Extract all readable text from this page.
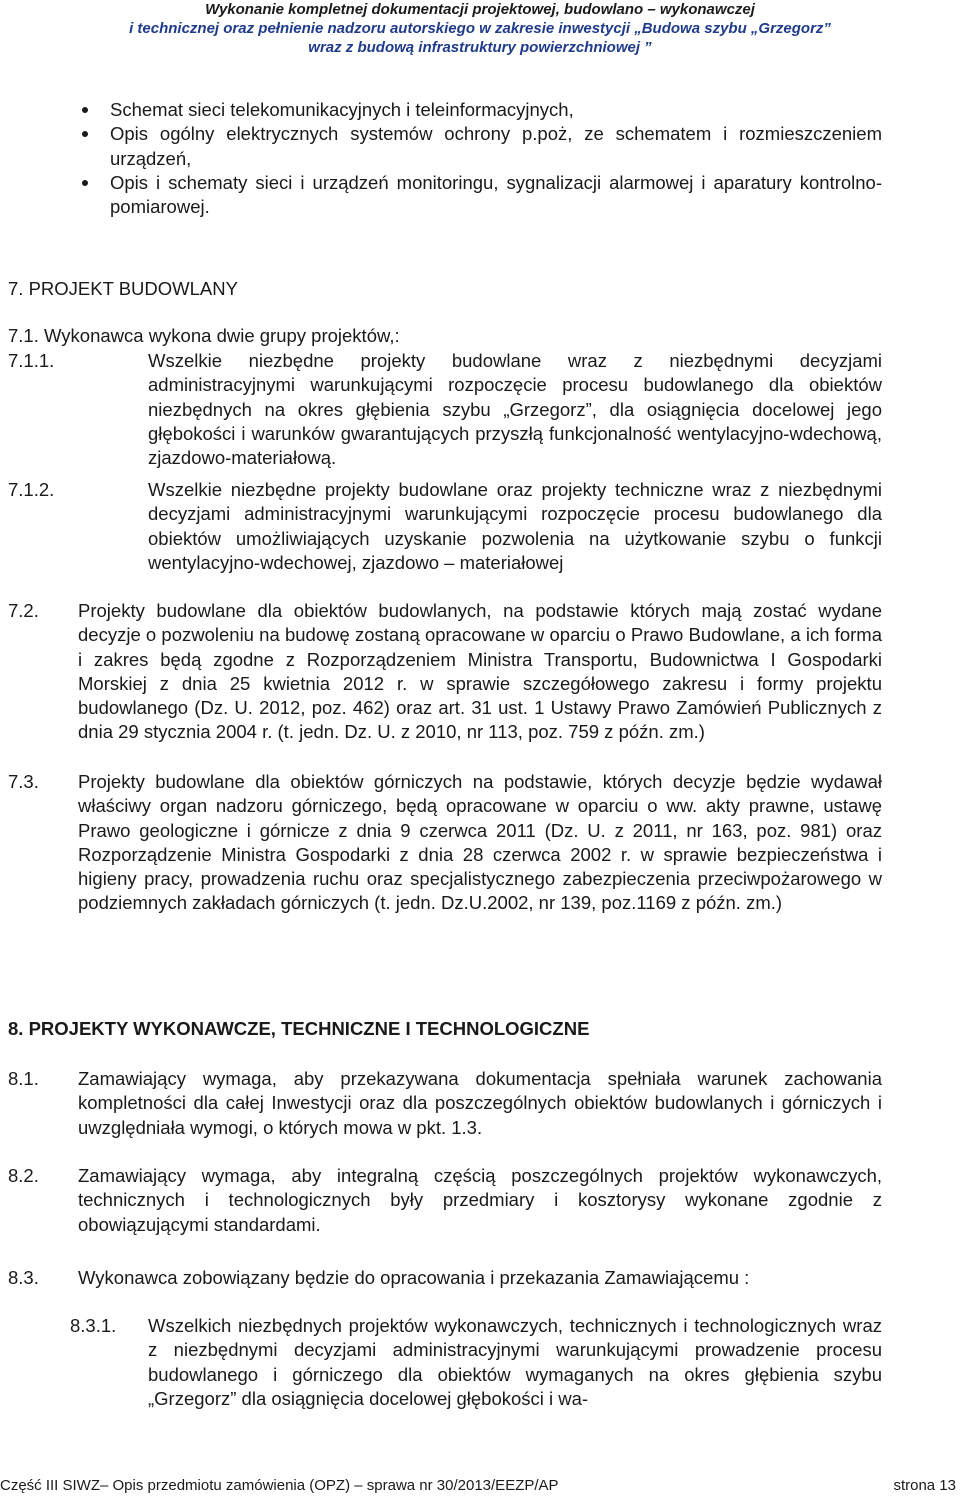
Wykonanie kompletnej dokumentacji projektowej, budowlano – wykonawczej
i technicznej oraz pełnienie nadzoru autorskiego w zakresie inwestycji „Budowa szybu „Grzegorz”
wraz z budową infrastruktury powierzchniowej ”
Schemat sieci telekomunikacyjnych i teleinformacyjnych,
Opis ogólny elektrycznych systemów ochrony p.poż, ze schematem i rozmieszczeniem urządzeń,
Opis i schematy sieci i urządzeń monitoringu, sygnalizacji alarmowej i aparatury kontrolno-pomiarowej.
7. PROJEKT BUDOWLANY
7.1. Wykonawca wykona dwie grupy projektów,:
7.1.1.	Wszelkie niezbędne projekty budowlane wraz z niezbędnymi decyzjami administracyjnymi warunkującymi rozpoczęcie procesu budowlanego dla obiektów niezbędnych na okres głębienia szybu „Grzegorz”, dla osiągnięcia docelowej jego głębokości i warunków gwarantujących przyszłą funkcjonalność wentylacyjno-wdechową, zjazdowo-materiałową.

7.1.2.	Wszelkie niezbędne projekty budowlane oraz projekty techniczne wraz z niezbędnymi decyzjami administracyjnymi warunkującymi rozpoczęcie procesu budowlanego dla obiektów umożliwiających uzyskanie pozwolenia na użytkowanie szybu o funkcji wentylacyjno-wdechowej, zjazdowo – materiałowej

7.2. Projekty budowlane dla obiektów budowlanych, na podstawie których mają zostać wydane decyzje o pozwoleniu na budowę zostaną opracowane w oparciu o Prawo Budowlane, a ich forma i zakres będą zgodne z Rozporządzeniem Ministra Transportu, Budownictwa I Gospodarki Morskiej z dnia 25 kwietnia 2012 r. w sprawie szczegółowego zakresu i formy projektu budowlanego (Dz. U. 2012, poz. 462) oraz art. 31 ust. 1 Ustawy Prawo Zamówień Publicznych z dnia 29 stycznia 2004 r. (t. jedn. Dz. U. z 2010, nr 113, poz. 759 z późn. zm.)

7.3. Projekty budowlane dla obiektów górniczych na podstawie, których decyzje będzie wydawał właściwy organ nadzoru górniczego, będą opracowane w oparciu o ww. akty prawne, ustawę Prawo geologiczne i górnicze z dnia 9 czerwca 2011 (Dz. U. z 2011, nr 163, poz. 981) oraz Rozporządzenie Ministra Gospodarki z dnia 28 czerwca 2002 r. w sprawie bezpieczeństwa i higieny pracy, prowadzenia ruchu oraz specjalistycznego zabezpieczenia przeciwpożarowego w podziemnych zakładach górniczych (t. jedn. Dz.U.2002, nr 139, poz.1169 z późn. zm.)

8. PROJEKTY WYKONAWCZE, TECHNICZNE I TECHNOLOGICZNE
8.1. Zamawiający wymaga, aby przekazywana dokumentacja spełniała warunek zachowania kompletności dla całej Inwestycji oraz dla poszczególnych obiektów budowlanych i górniczych i uwzględniała wymogi, o których mowa w pkt. 1.3.

8.2. Zamawiający wymaga, aby integralną częścią poszczególnych projektów wykonawczych, technicznych i technologicznych były przedmiary i kosztorysy wykonane zgodnie z obowiązującymi standardami.

8.3. Wykonawca zobowiązany będzie do opracowania i przekazania Zamawiającemu :

8.3.1. Wszelkich niezbędnych projektów wykonawczych, technicznych i technologicznych wraz z niezbędnymi decyzjami administracyjnymi warunkującymi prowadzenie procesu budowlanego i górniczego dla obiektów wymaganych na okres głębienia szybu „Grzegorz” dla osiągnięcia docelowej głębokości i wa-

Część III SIWZ– Opis przedmiotu zamówienia (OPZ) – sprawa nr 30/2013/EEZP/AP	strona 13
